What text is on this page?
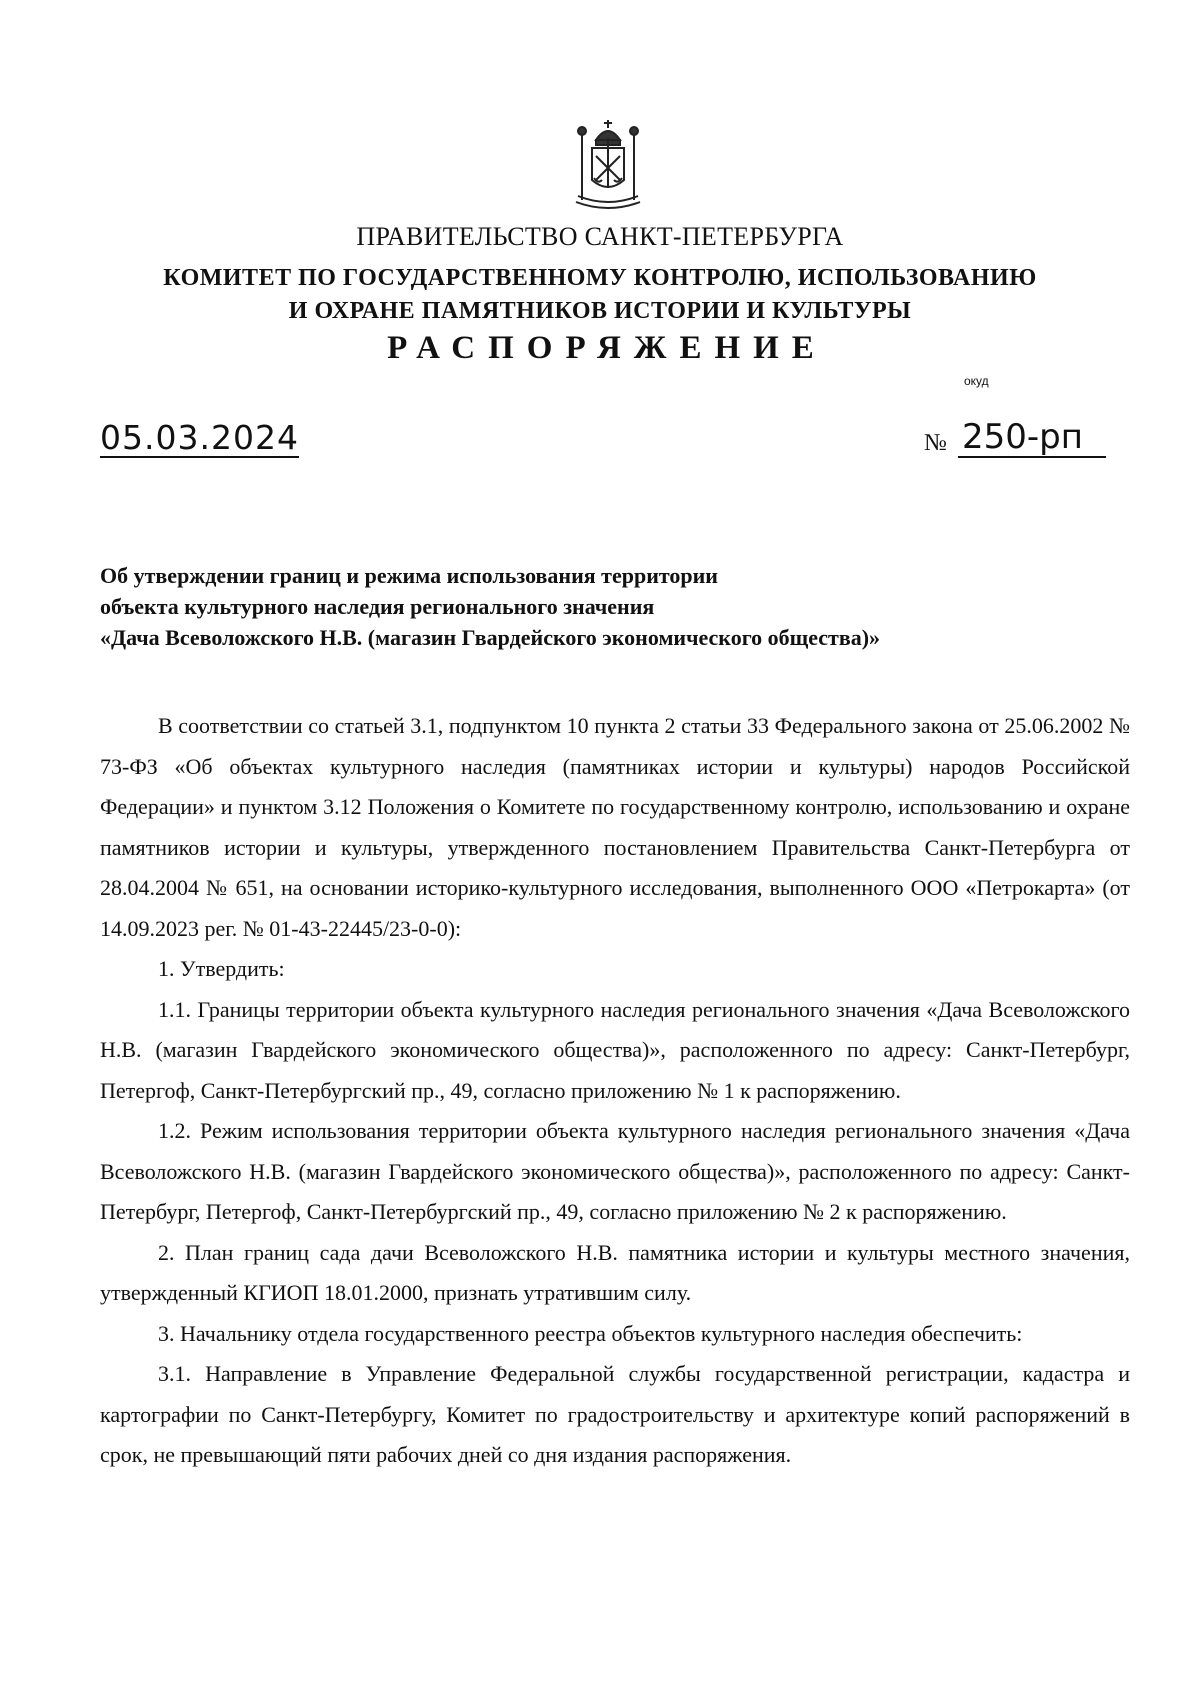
ПРАВИТЕЛЬСТВО САНКТ-ПЕТЕРБУРГА
КОМИТЕТ ПО ГОСУДАРСТВЕННОМУ КОНТРОЛЮ, ИСПОЛЬЗОВАНИЮ
И ОХРАНЕ ПАМЯТНИКОВ ИСТОРИИ И КУЛЬТУРЫ
РАСПОРЯЖЕНИЕ
окуд
05.03.2024	№ 250-рп
Об утверждении границ и режима использования территории
объекта культурного наследия регионального значения
«Дача Всеволожского Н.В. (магазин Гвардейского экономического общества)»

В соответствии со статьей 3.1, подпунктом 10 пункта 2 статьи 33 Федерального закона от 25.06.2002 № 73-ФЗ «Об объектах культурного наследия (памятниках истории и культуры) народов Российской Федерации» и пунктом 3.12 Положения о Комитете по государственному контролю, использованию и охране памятников истории и культуры, утвержденного постановлением Правительства Санкт-Петербурга от 28.04.2004 № 651, на основании историко-культурного исследования, выполненного ООО «Петрокарта» (от 14.09.2023 рег. № 01-43-22445/23-0-0):

1. Утвердить:

1.1. Границы территории объекта культурного наследия регионального значения «Дача Всеволожского Н.В. (магазин Гвардейского экономического общества)», расположенного по адресу: Санкт-Петербург, Петергоф, Санкт-Петербургский пр., 49, согласно приложению № 1 к распоряжению.

1.2. Режим использования территории объекта культурного наследия регионального значения «Дача Всеволожского Н.В. (магазин Гвардейского экономического общества)», расположенного по адресу: Санкт-Петербург, Петергоф, Санкт-Петербургский пр., 49, согласно приложению № 2 к распоряжению.

2. План границ сада дачи Всеволожского Н.В. памятника истории и культуры местного значения, утвержденный КГИОП 18.01.2000, признать утратившим силу.

3. Начальнику отдела государственного реестра объектов культурного наследия обеспечить:

3.1. Направление в Управление Федеральной службы государственной регистрации, кадастра и картографии по Санкт-Петербургу, Комитет по градостроительству и архитектуре копий распоряжений в срок, не превышающий пяти рабочих дней со дня издания распоряжения.
